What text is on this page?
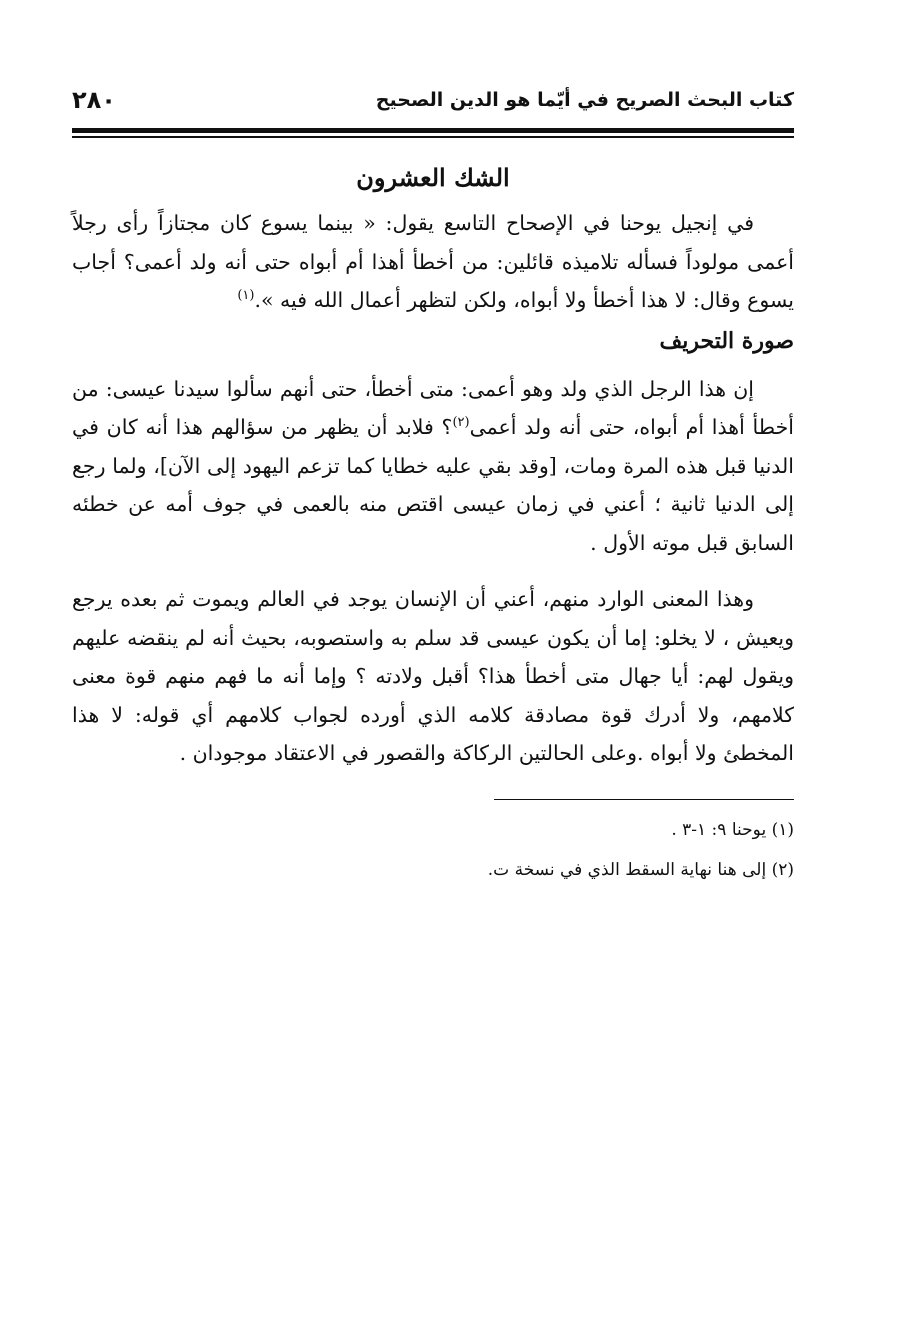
كتاب البحث الصريح في أيّما هو الدين الصحيح
٢٨٠
الشك العشرون

في إنجيل يوحنا في الإصحاح التاسع يقول: « بينما يسوع كان مجتازاً رأى رجلاً أعمى مولوداً فسأله تلاميذه قائلين: من أخطأ أهذا أم أبواه حتى أنه ولد أعمى؟ أجاب يسوع وقال: لا هذا أخطأ ولا أبواه، ولكن لتظهر أعمال الله فيه ».$^{(١)}$

صورة التحريف

إن هذا الرجل الذي ولد وهو أعمى: متى أخطأ، حتى أنهم سألوا سيدنا عيسى: من أخطأ أهذا أم أبواه، حتى أنه ولد أعمى$^{(٢)}$؟ فلابد أن يظهر من سؤالهم هذا أنه كان في الدنيا قبل هذه المرة ومات، [وقد بقي عليه خطايا كما تزعم اليهود إلى الآن]، ولما رجع إلى الدنيا ثانية ؛ أعني في زمان عيسى اقتص منه بالعمى في جوف أمه عن خطئه السابق قبل موته الأول .

وهذا المعنى الوارد منهم، أعني أن الإنسان يوجد في العالم ويموت ثم بعده يرجع ويعيش ، لا يخلو: إما أن يكون عيسى قد سلم به واستصوبه، بحيث أنه لم ينقضه عليهم ويقول لهم: أيا جهال متى أخطأ هذا؟ أقبل ولادته ؟ وإما أنه ما فهم منهم قوة معنى كلامهم، ولا أدرك قوة مصادقة كلامه الذي أورده لجواب كلامهم أي قوله: لا هذا المخطئ ولا أبواه .وعلى الحالتين الركاكة والقصور في الاعتقاد موجودان .

(١) يوحنا ٩: ١-٣ .

(٢) إلى هنا نهاية السقط الذي في نسخة ت.
